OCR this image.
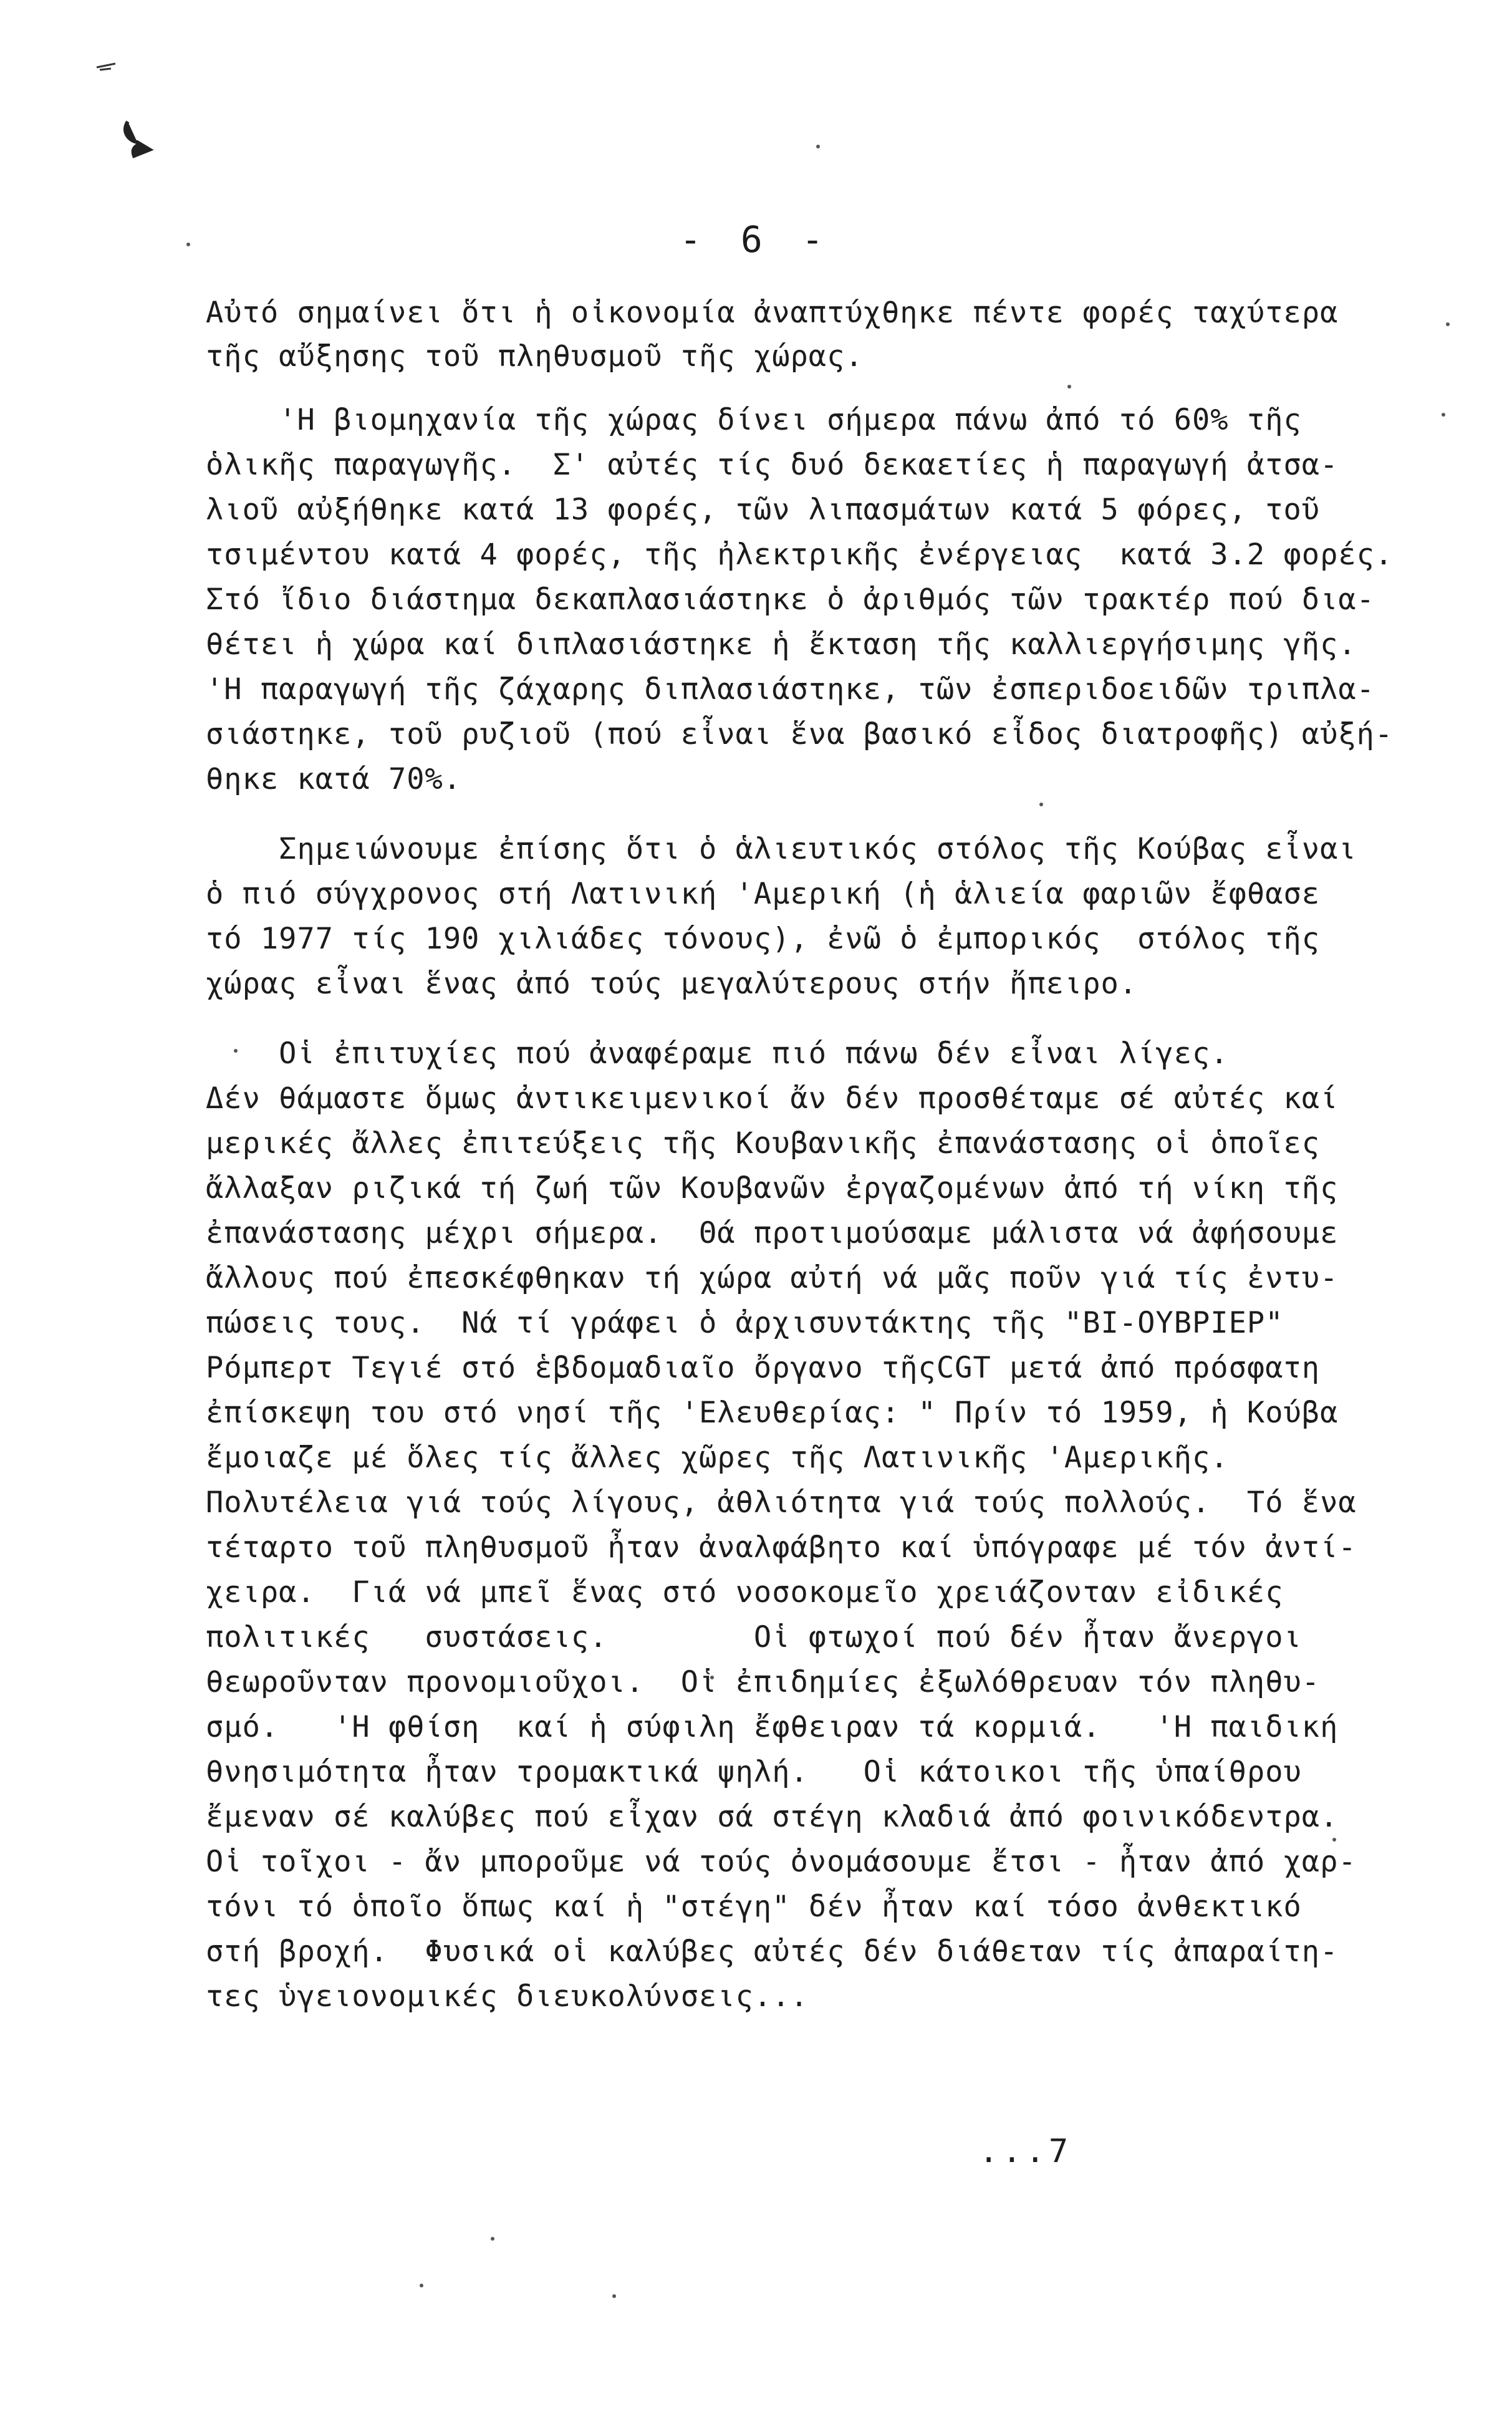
- 6 -
Αὐτό σημαίνει ὅτι ἡ οἰκονομία ἀναπτύχθηκε πέντε φορές ταχύτερα
τῆς αὔξησης τοῦ πληθυσμοῦ τῆς χώρας.
'Η βιομηχανία τῆς χώρας δίνει σήμερα πάνω ἀπό τό 60% τῆς
ὁλικῆς παραγωγῆς.  Σ' αὐτές τίς δυό δεκαετίες ἡ παραγωγή ἀτσα-
λιοῦ αὐξήθηκε κατά 13 φορές, τῶν λιπασμάτων κατά 5 φόρες, τοῦ
τσιμέντου κατά 4 φορές, τῆς ἠλεκτρικῆς ἐνέργειας  κατά 3.2 φορές.
Στό ἴδιο διάστημα δεκαπλασιάστηκε ὁ ἀριθμός τῶν τρακτέρ πού δια-
θέτει ἡ χώρα καί διπλασιάστηκε ἡ ἔκταση τῆς καλλιεργήσιμης γῆς.
'Η παραγωγή τῆς ζάχαρης διπλασιάστηκε, τῶν ἐσπεριδοειδῶν τριπλα-
σιάστηκε, τοῦ ρυζιοῦ (πού εἶναι ἕνα βασικό εἶδος διατροφῆς) αὐξή-
θηκε κατά 70%.
Σημειώνουμε ἐπίσης ὅτι ὁ ἁλιευτικός στόλος τῆς Κούβας εἶναι
ὁ πιό σύγχρονος στή Λατινική 'Αμερική (ἡ ἁλιεία φαριῶν ἔφθασε
τό 1977 τίς 190 χιλιάδες τόνους), ἐνῶ ὁ ἐμπορικός  στόλος τῆς
χώρας εἶναι ἕνας ἀπό τούς μεγαλύτερους στήν ἤπειρο.
Οἱ ἐπιτυχίες πού ἀναφέραμε πιό πάνω δέν εἶναι λίγες.
Δέν θάμαστε ὅμως ἀντικειμενικοί ἄν δέν προσθέταμε σέ αὐτές καί
μερικές ἄλλες ἐπιτεύξεις τῆς Κουβανικῆς ἐπανάστασης οἱ ὁποῖες
ἄλλαξαν ριζικά τή ζωή τῶν Κουβανῶν ἐργαζομένων ἀπό τή νίκη τῆς
ἐπανάστασης μέχρι σήμερα.  Θά προτιμούσαμε μάλιστα νά ἀφήσουμε
ἄλλους πού ἐπεσκέφθηκαν τή χώρα αὐτή νά μᾶς ποῦν γιά τίς ἐντυ-
πώσεις τους.  Νά τί γράφει ὁ ἀρχισυντάκτης τῆς "ΒΙ-ΟΥΒΡΙΕΡ"
Ρόμπερτ Τεγιέ στό ἑβδομαδιαῖο ὄργανο τῆςCGT μετά ἀπό πρόσφατη
ἐπίσκεψη του στό νησί τῆς 'Ελευθερίας: " Πρίν τό 1959, ἡ Κούβα
ἔμοιαζε μέ ὅλες τίς ἄλλες χῶρες τῆς Λατινικῆς 'Αμερικῆς.
Πολυτέλεια γιά τούς λίγους, ἀθλιότητα γιά τούς πολλούς.  Τό ἕνα
τέταρτο τοῦ πληθυσμοῦ ἦταν ἀναλφάβητο καί ὑπόγραφε μέ τόν ἀντί-
χειρα.  Γιά νά μπεῖ ἕνας στό νοσοκομεῖο χρειάζονταν εἰδικές
πολιτικές   συστάσεις.        Οἱ φτωχοί πού δέν ἦταν ἄνεργοι
θεωροῦνταν προνομιοῦχοι.  Οἱ ἐπιδημίες ἐξωλόθρευαν τόν πληθυ-
σμό.   'Η φθίση  καί ἡ σύφιλη ἔφθειραν τά κορμιά.   'Η παιδική
θνησιμότητα ἦταν τρομακτικά ψηλή.   Οἱ κάτοικοι τῆς ὑπαίθρου
ἔμεναν σέ καλύβες πού εἶχαν σά στέγη κλαδιά ἀπό φοινικόδεντρα.
Οἱ τοῖχοι - ἄν μποροῦμε νά τούς ὀνομάσουμε ἔτσι - ἦταν ἀπό χαρ-
τόνι τό ὁποῖο ὅπως καί ἡ "στέγη" δέν ἦταν καί τόσο ἀνθεκτικό
στή βροχή.  Φυσικά οἱ καλύβες αὐτές δέν διάθεταν τίς ἀπαραίτη-
τες ὑγειονομικές διευκολύνσεις...
...7
